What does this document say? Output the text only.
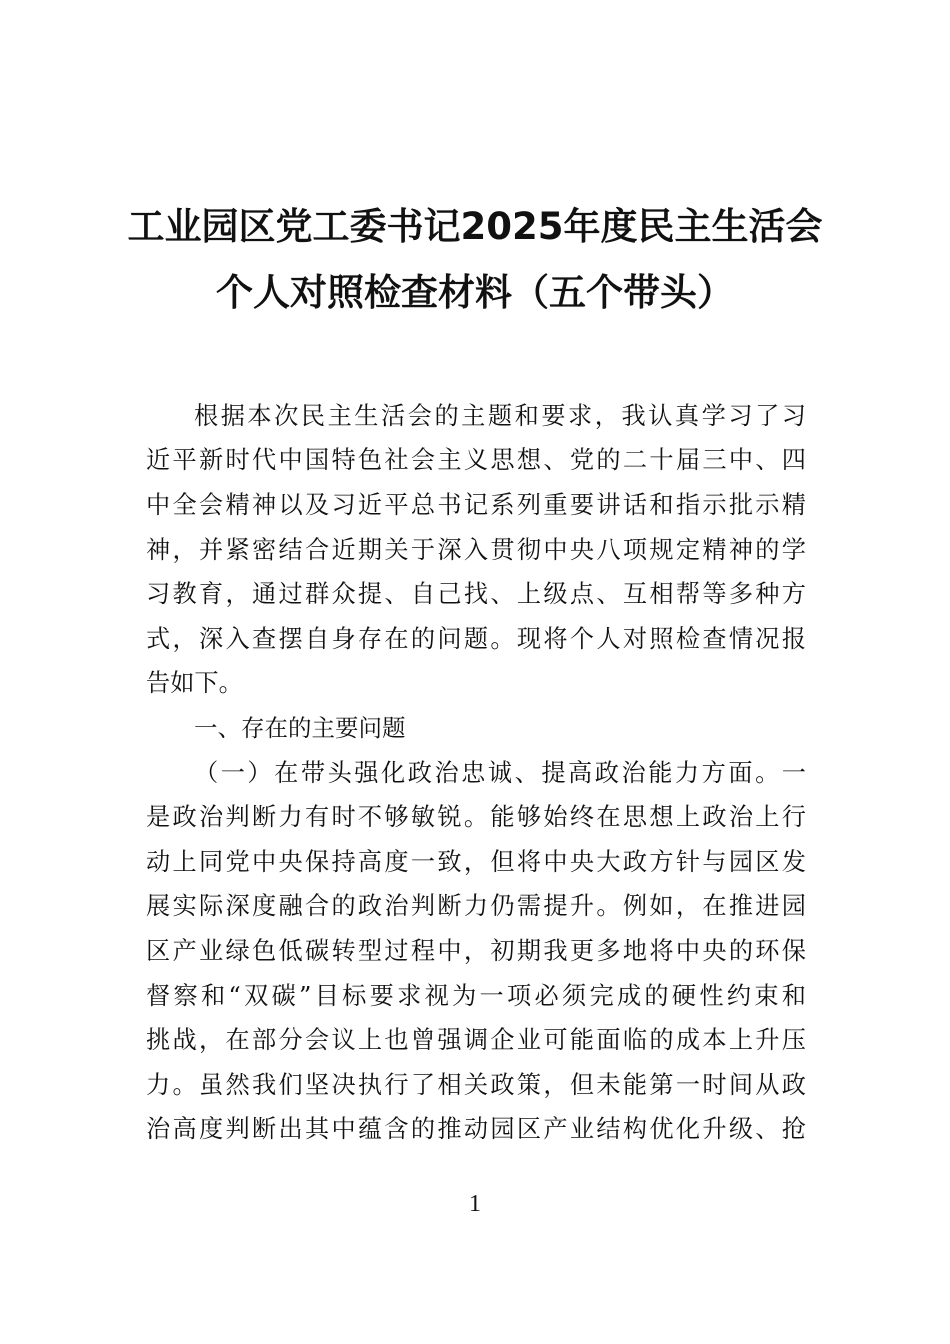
工业园区党工委书记2025年度民主生活会
个人对照检查材料（五个带头）
根据本次民主生活会的主题和要求，我认真学习了习
近平新时代中国特色社会主义思想、党的二十届三中、四
中全会精神以及习近平总书记系列重要讲话和指示批示精
神，并紧密结合近期关于深入贯彻中央八项规定精神的学
习教育，通过群众提、自己找、上级点、互相帮等多种方
式，深入查摆自身存在的问题。现将个人对照检查情况报
告如下。
一、存在的主要问题
（一）在带头强化政治忠诚、提高政治能力方面。一
是政治判断力有时不够敏锐。能够始终在思想上政治上行
动上同党中央保持高度一致，但将中央大政方针与园区发
展实际深度融合的政治判断力仍需提升。例如，在推进园
区产业绿色低碳转型过程中，初期我更多地将中央的环保
督察和“双碳”目标要求视为一项必须完成的硬性约束和
挑战，在部分会议上也曾强调企业可能面临的成本上升压
力。虽然我们坚决执行了相关政策，但未能第一时间从政
治高度判断出其中蕴含的推动园区产业结构优化升级、抢
1
